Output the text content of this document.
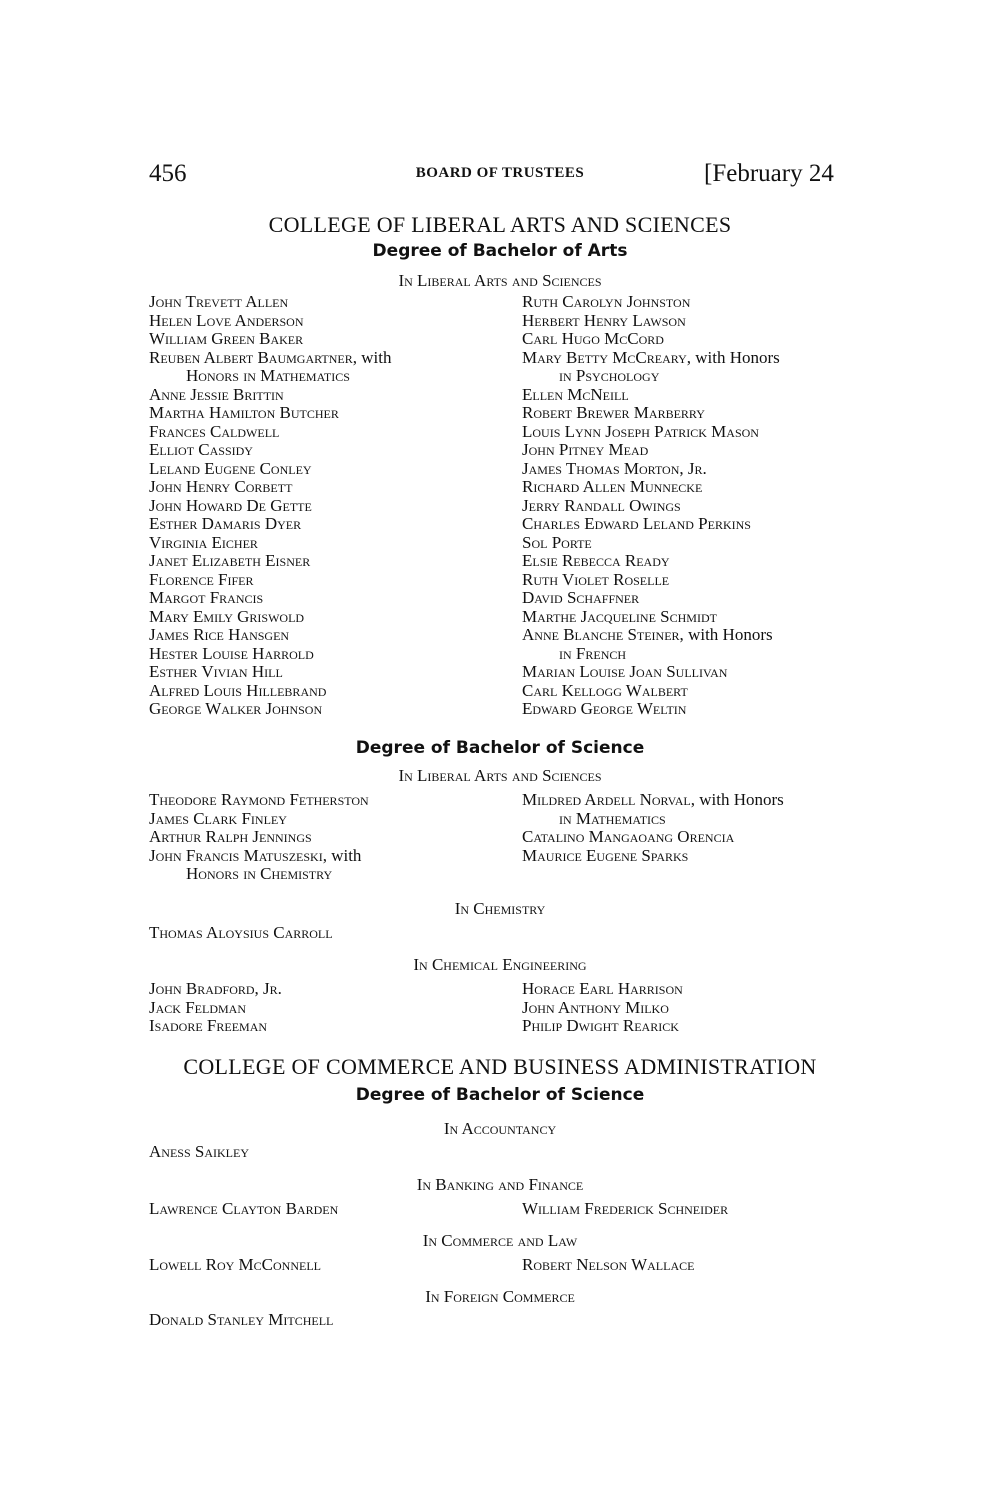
456	BOARD OF TRUSTEES	[February 24
COLLEGE OF LIBERAL ARTS AND SCIENCES
Degree of Bachelor of Arts
In Liberal Arts and Sciences
John Trevett Allen
Helen Love Anderson
William Green Baker
Reuben Albert Baumgartner, with
Honors in Mathematics
Anne Jessie Brittin
Martha Hamilton Butcher
Frances Caldwell
Elliot Cassidy
Leland Eugene Conley
John Henry Corbett
John Howard De Gette
Esther Damaris Dyer
Virginia Eicher
Janet Elizabeth Eisner
Florence Fifer
Margot Francis
Mary Emily Griswold
James Rice Hansgen
Hester Louise Harrold
Esther Vivian Hill
Alfred Louis Hillebrand
George Walker Johnson
Ruth Carolyn Johnston
Herbert Henry Lawson
Carl Hugo McCord
Mary Betty McCreary, with Honors
in Psychology
Ellen McNeill
Robert Brewer Marberry
Louis Lynn Joseph Patrick Mason
John Pitney Mead
James Thomas Morton, Jr.
Richard Allen Munnecke
Jerry Randall Owings
Charles Edward Leland Perkins
Sol Porte
Elsie Rebecca Ready
Ruth Violet Roselle
David Schaffner
Marthe Jacqueline Schmidt
Anne Blanche Steiner, with Honors
in French
Marian Louise Joan Sullivan
Carl Kellogg Walbert
Edward George Weltin
Degree of Bachelor of Science
In Liberal Arts and Sciences
Theodore Raymond Fetherston
James Clark Finley
Arthur Ralph Jennings
John Francis Matuszeski, with
Honors in Chemistry
Mildred Ardell Norval, with Honors
in Mathematics
Catalino Mangaoang Orencia
Maurice Eugene Sparks
In Chemistry
Thomas Aloysius Carroll
In Chemical Engineering
John Bradford, Jr.
Jack Feldman
Isadore Freeman
Horace Earl Harrison
John Anthony Milko
Philip Dwight Rearick
COLLEGE OF COMMERCE AND BUSINESS ADMINISTRATION
Degree of Bachelor of Science
In Accountancy
Aness Saikley
In Banking and Finance
Lawrence Clayton Barden	William Frederick Schneider
In Commerce and Law
Lowell Roy McConnell	Robert Nelson Wallace
In Foreign Commerce
Donald Stanley Mitchell
